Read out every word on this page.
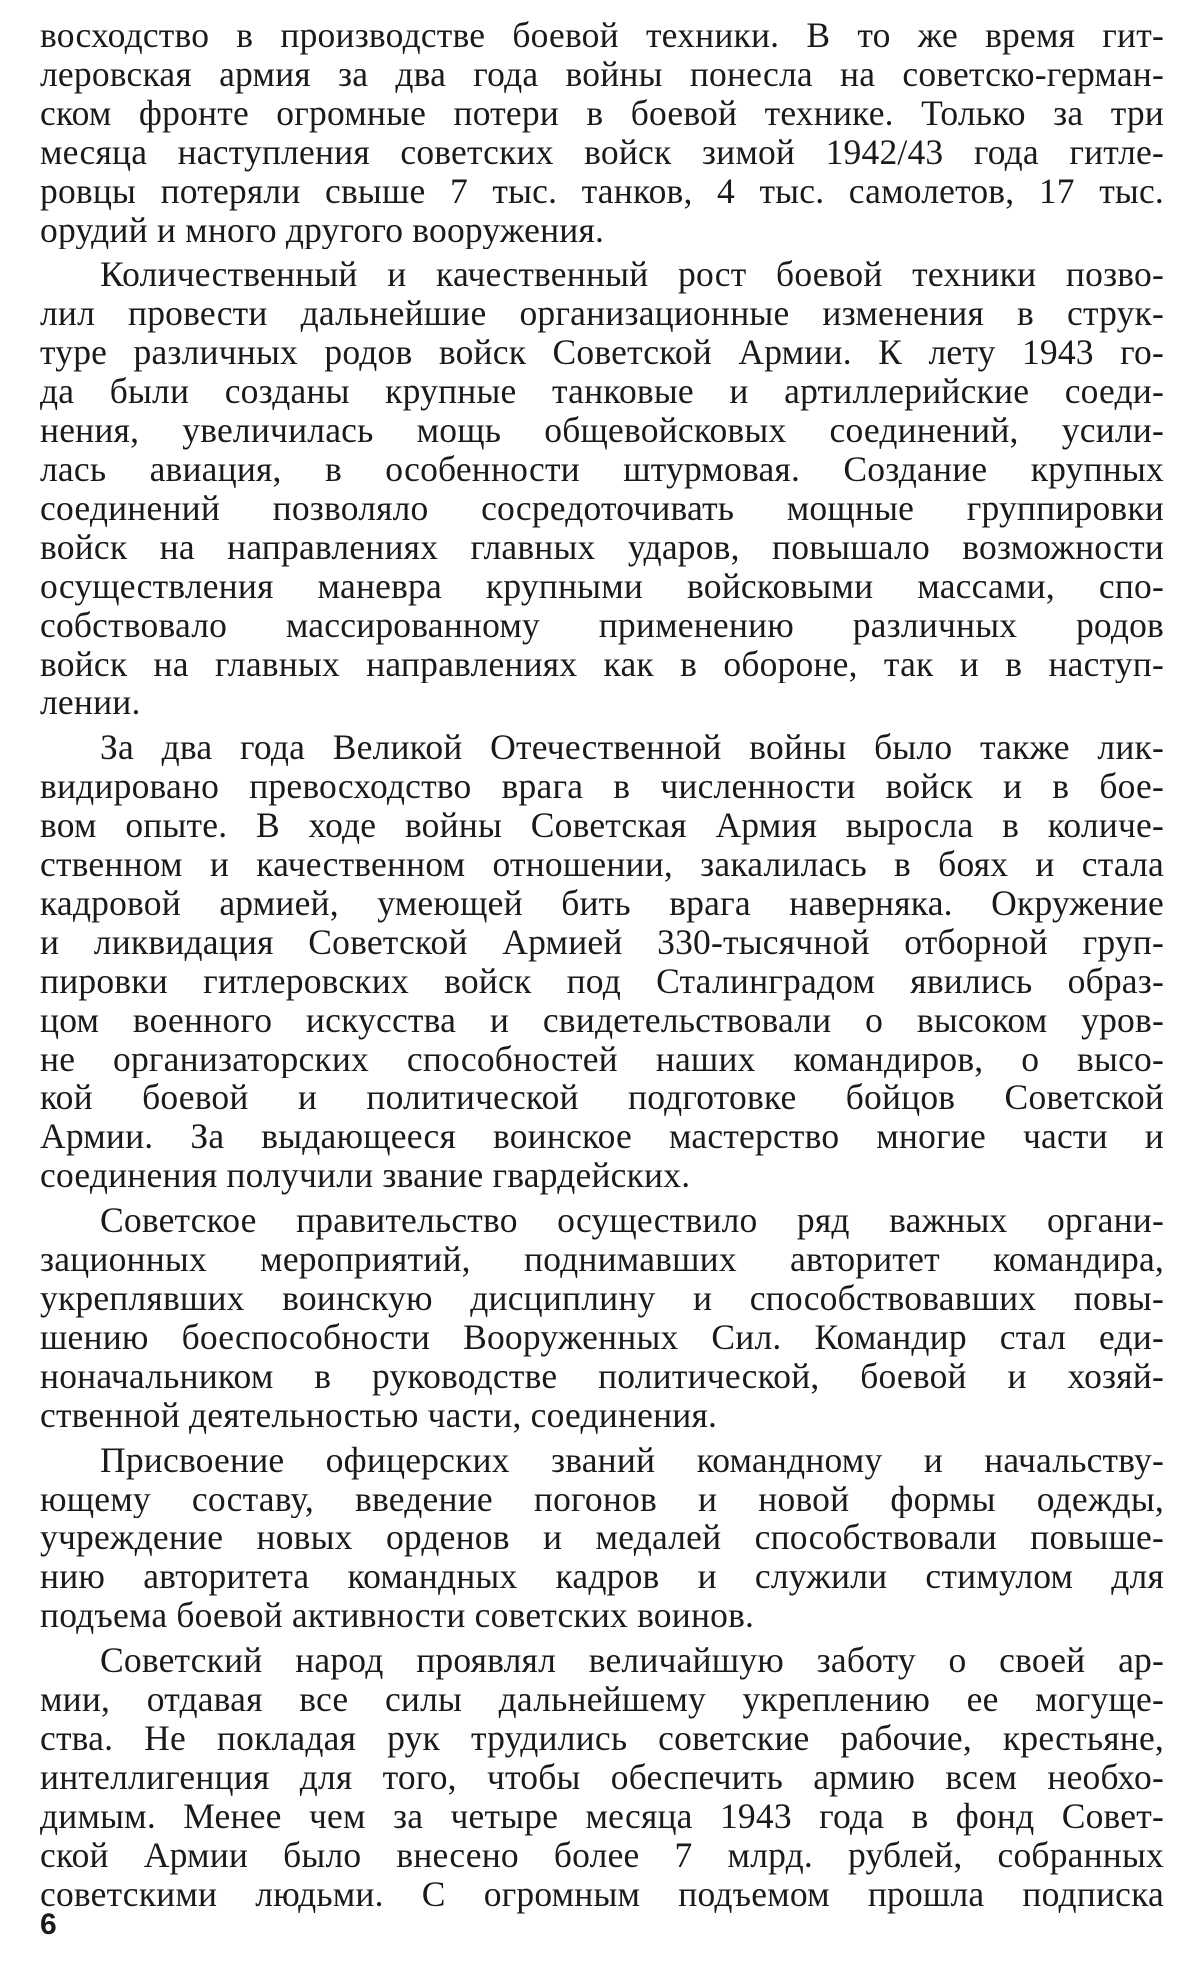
восходство в производстве боевой техники. В то же время гит-
леровская армия за два года войны понесла на советско-герман-
ском фронте огромные потери в боевой технике. Только за три
месяца наступления советских войск зимой 1942/43 года гитле-
ровцы потеряли свыше 7 тыс. танков, 4 тыс. самолетов, 17 тыс.
орудий и много другого вооружения.
Количественный и качественный рост боевой техники позво-
лил провести дальнейшие организационные изменения в струк-
туре различных родов войск Советской Армии. К лету 1943 го-
да были созданы крупные танковые и артиллерийские соеди-
нения, увеличилась мощь общевойсковых соединений, усили-
лась авиация, в особенности штурмовая. Создание крупных
соединений позволяло сосредоточивать мощные группировки
войск на направлениях главных ударов, повышало возможности
осуществления маневра крупными войсковыми массами, спо-
собствовало массированному применению различных родов
войск на главных направлениях как в обороне, так и в наступ-
лении.
За два года Великой Отечественной войны было также лик-
видировано превосходство врага в численности войск и в бое-
вом опыте. В ходе войны Советская Армия выросла в количе-
ственном и качественном отношении, закалилась в боях и стала
кадровой армией, умеющей бить врага наверняка. Окружение
и ликвидация Советской Армией 330-тысячной отборной груп-
пировки гитлеровских войск под Сталинградом явились образ-
цом военного искусства и свидетельствовали о высоком уров-
не организаторских способностей наших командиров, о высо-
кой боевой и политической подготовке бойцов Советской
Армии. За выдающееся воинское мастерство многие части и
соединения получили звание гвардейских.
Советское правительство осуществило ряд важных органи-
зационных мероприятий, поднимавших авторитет командира,
укреплявших воинскую дисциплину и способствовавших повы-
шению боеспособности Вооруженных Сил. Командир стал еди-
ноначальником в руководстве политической, боевой и хозяй-
ственной деятельностью части, соединения.
Присвоение офицерских званий командному и начальству-
ющему составу, введение погонов и новой формы одежды,
учреждение новых орденов и медалей способствовали повыше-
нию авторитета командных кадров и служили стимулом для
подъема боевой активности советских воинов.
Советский народ проявлял величайшую заботу о своей ар-
мии, отдавая все силы дальнейшему укреплению ее могуще-
ства. Не покладая рук трудились советские рабочие, крестьяне,
интеллигенция для того, чтобы обеспечить армию всем необхо-
димым. Менее чем за четыре месяца 1943 года в фонд Совет-
ской Армии было внесено более 7 млрд. рублей, собранных
советскими людьми. С огромным подъемом прошла подписка
6
